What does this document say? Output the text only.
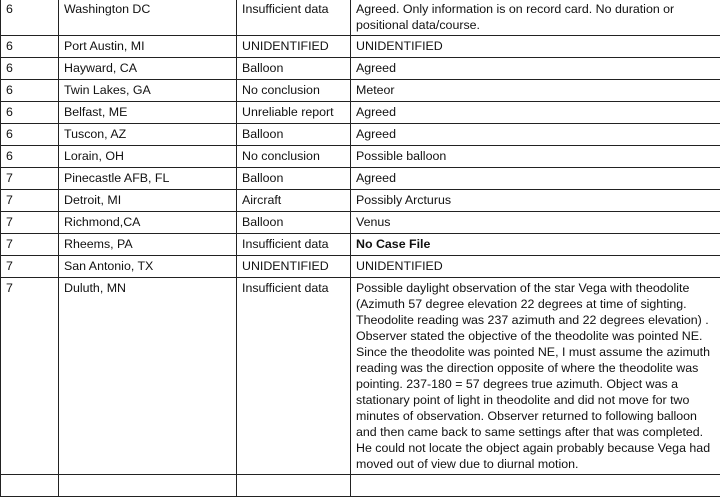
6	Washington DC	Insufficient data	Agreed. Only information is on record card. No duration or positional data/course.
6	Port Austin, MI	UNIDENTIFIED	UNIDENTIFIED
6	Hayward, CA	Balloon	Agreed
6	Twin Lakes, GA	No conclusion	Meteor
6	Belfast, ME	Unreliable report	Agreed
6	Tuscon, AZ	Balloon	Agreed
6	Lorain, OH	No conclusion	Possible balloon
7	Pinecastle AFB, FL	Balloon	Agreed
7	Detroit, MI	Aircraft	Possibly Arcturus
7	Richmond,CA	Balloon	Venus
7	Rheems, PA	Insufficient data	No Case File
7	San Antonio, TX	UNIDENTIFIED	UNIDENTIFIED
7	Duluth, MN	Insufficient data	Possible daylight observation of the star Vega with theodolite (Azimuth 57 degree elevation 22 degrees at time of sighting. Theodolite reading was 237 azimuth and 22 degrees elevation) . Observer stated the objective of the theodolite was pointed NE. Since the theodolite was pointed NE, I must assume the azimuth reading was the direction opposite of where the theodolite was pointing. 237-180 = 57 degrees true azimuth. Object was a stationary point of light in theodolite and did not move for two minutes of observation. Observer returned to following balloon and then came back to same settings after that was completed. He could not locate the object again probably because Vega had moved out of view due to diurnal motion.
